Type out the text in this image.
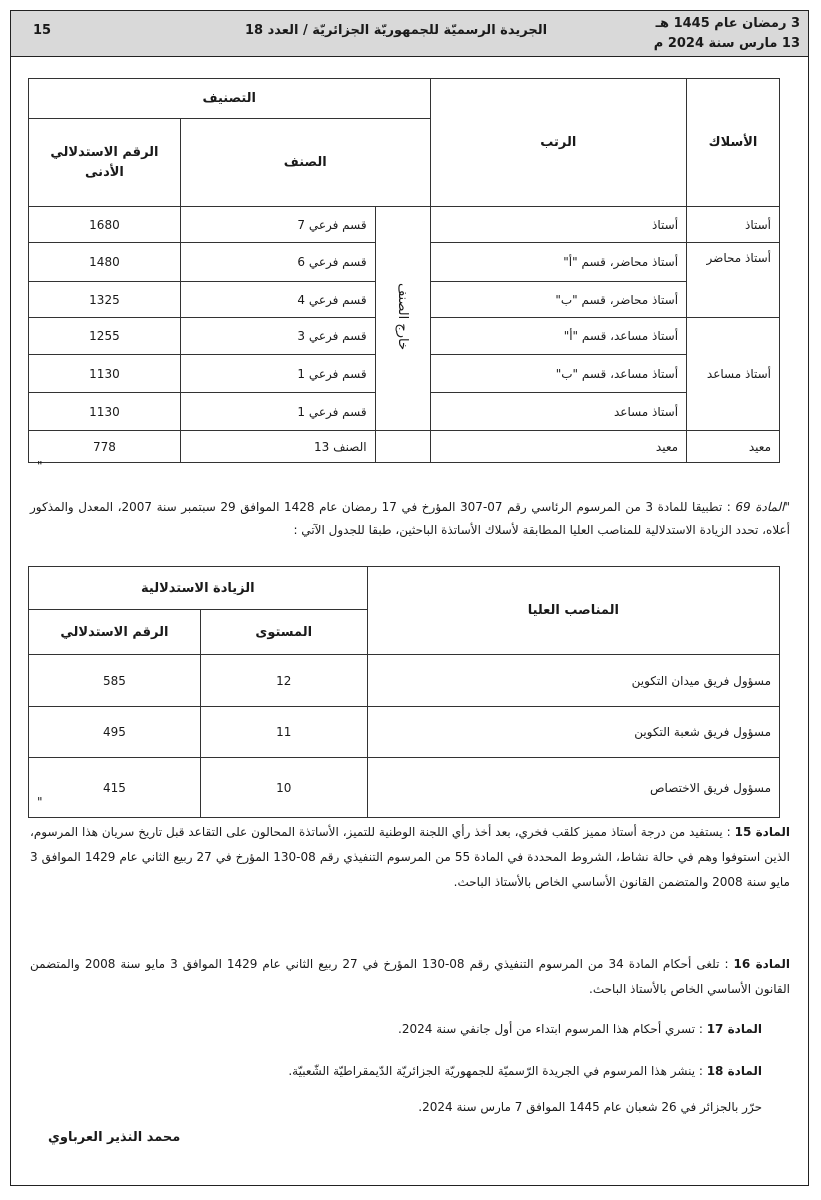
3 رمضان عام 1445 هـ
13 مارس سنة 2024 م
الجريدة الرسميّة للجمهوريّة الجزائريّة / العدد 18
15
الأسلاك	الرتب	التصنيف		
		الصنف		الرقم الاستدلالي الأدنى
أستاذ	أستاذ	خارج الصنف	قسم فرعي 7	1680
أستاذ محاضر	أستاذ محاضر، قسم "أ"		قسم فرعي 6	1480
	أستاذ محاضر، قسم "ب"		قسم فرعي 4	1325
أستاذ مساعد	أستاذ مساعد، قسم "أ"		قسم فرعي 3	1255
	أستاذ مساعد، قسم "ب"		قسم فرعي 1	1130
	أستاذ مساعد		قسم فرعي 1	1130
معيد	معيد		الصنف 13	778
"
"المادة 69 : تطبيقا للمادة 3 من المرسوم الرئاسي رقم 07-307 المؤرخ في 17 رمضان عام 1428 الموافق 29 سبتمبر سنة 2007، المعدل والمذكور أعلاه، تحدد الزيادة الاستدلالية للمناصب العليا المطابقة لأسلاك الأساتذة الباحثين، طبقا للجدول الآتي :
المناصب العليا	الزيادة الاستدلالية	
	المستوى	الرقم الاستدلالي
مسؤول فريق ميدان التكوين	12	585
مسؤول فريق شعبة التكوين	11	495
مسؤول فريق الاختصاص	10	415
"
المادة 15 : يستفيد من درجة أستاذ مميز كلقب فخري، بعد أخذ رأي اللجنة الوطنية للتميز، الأساتذة المحالون على التقاعد قبل تاريخ سريان هذا المرسوم، الذين استوفوا وهم في حالة نشاط، الشروط المحددة في المادة 55 من المرسوم التنفيذي رقم 08-130 المؤرخ في 27 ربيع الثاني عام 1429 الموافق 3 مايو سنة 2008 والمتضمن القانون الأساسي الخاص بالأستاذ الباحث.
المادة 16 : تلغى أحكام المادة 34 من المرسوم التنفيذي رقم 08-130 المؤرخ في 27 ربيع الثاني عام 1429 الموافق 3 مايو سنة 2008 والمتضمن القانون الأساسي الخاص بالأستاذ الباحث.
المادة 17 : تسري أحكام هذا المرسوم ابتداء من أول جانفي سنة 2024.
المادة 18 : ينشر هذا المرسوم في الجريدة الرّسميّة للجمهوريّة الجزائريّة الدّيمقراطيّة الشّعبيّة.
حرّر بالجزائر في 26 شعبان عام 1445 الموافق 7 مارس سنة 2024.
محمد النذير العرباوي
